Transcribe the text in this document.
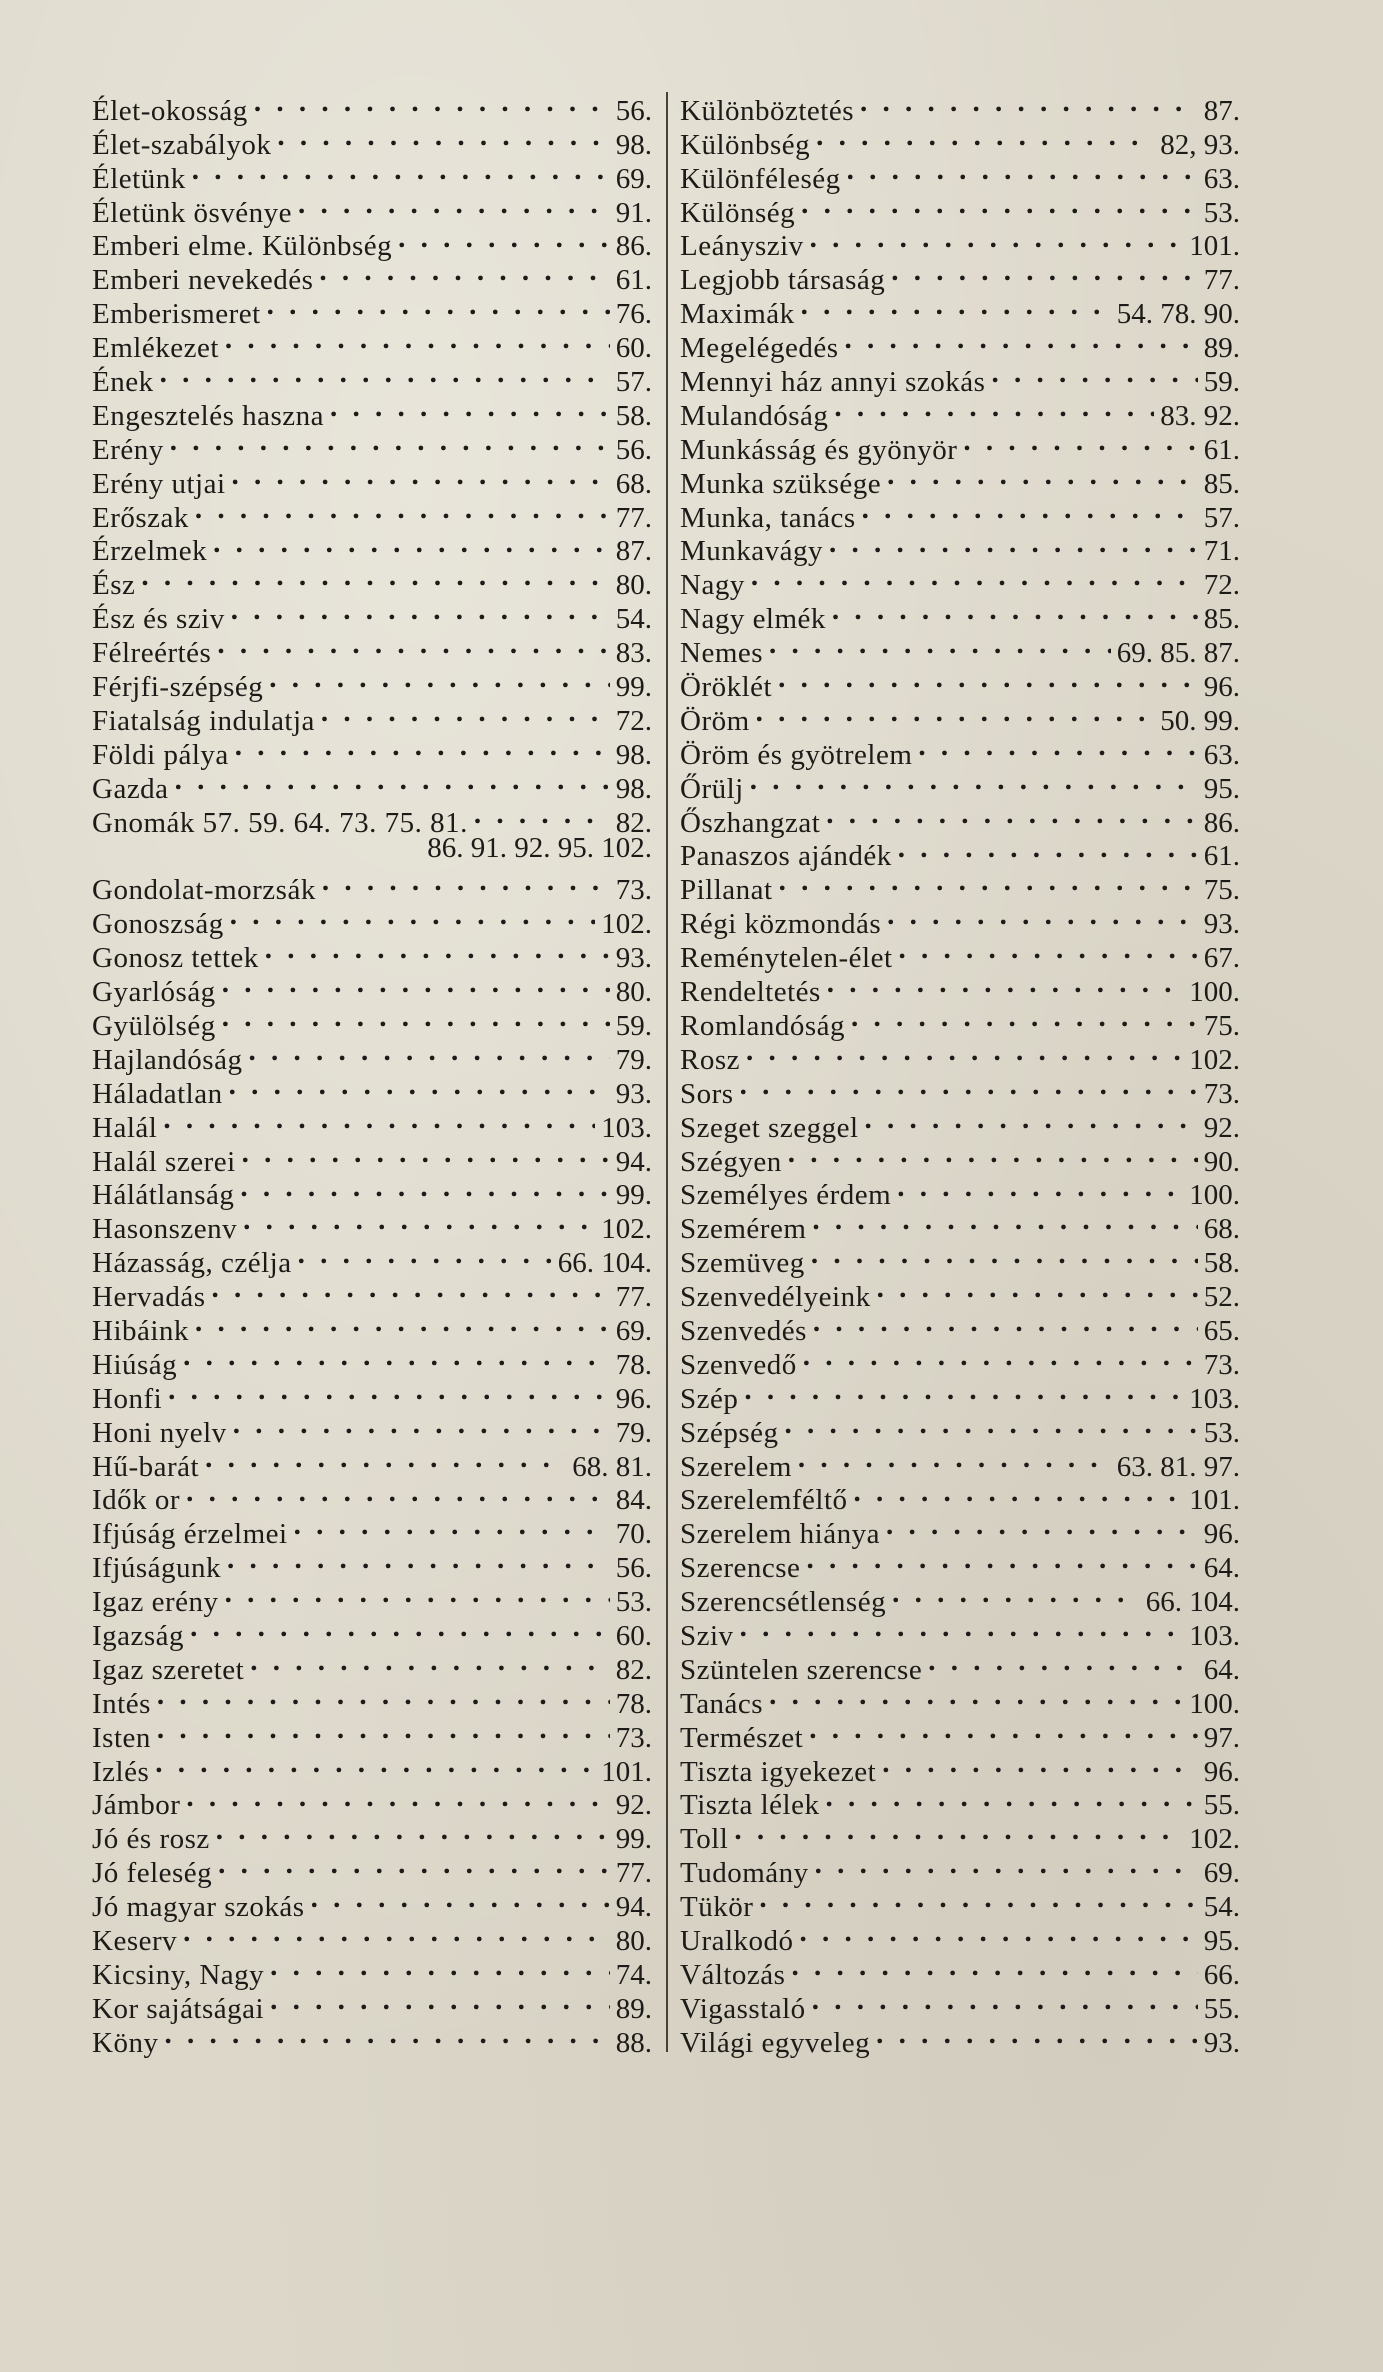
Élet-okosság . . .	56.
Élet-szabályok . . .	98.
Életünk . . .	69.
Életünk ösvénye . . .	91.
Emberi elme. Különbség . . .	86.
Emberi nevekedés . . .	61.
Emberismeret . . .	76.
Emlékezet . . .	60.
Ének . . .	57.
Engesztelés haszna . . .	58.
Erény . . .	56.
Erény utjai . . .	68.
Erőszak . . .	77.
Érzelmek . . .	87.
Ész . . .	80.
Ész és sziv . . .	54.
Félreértés . . .	83.
Férjfi-szépség . . .	99.
Fiatalság indulatja . . .	72.
Földi pálya . . .	98.
Gazda . . .	98.
Gnomák 57. 59. 64. 73. 75. 81. . . .	82.
86. 91. 92. 95. 102.
Gondolat-morzsák . . .	73.
Gonoszság . . .	102.
Gonosz tettek . . .	93.
Gyarlóság . . .	80.
Gyülölség . . .	59.
Hajlandóság . . .	79.
Háladatlan . . .	93.
Halál . . .	103.
Halál szerei . . .	94.
Hálátlanság . . .	99.
Hasonszenv . . .	102.
Házasság, czélja . . .	66. 104.
Hervadás . . .	77.
Hibáink . . .	69.
Hiúság . . .	78.
Honfi . . .	96.
Honi nyelv . . .	79.
Hű-barát . . .	68. 81.
Idők or . . .	84.
Ifjúság érzelmei . . .	70.
Ifjúságunk . . .	56.
Igaz erény . . .	53.
Igazság . . .	60.
Igaz szeretet . . .	82.
Intés . . .	78.
Isten . . .	73.
Izlés . . .	101.
Jámbor . . .	92.
Jó és rosz . . .	99.
Jó feleség . . .	77.
Jó magyar szokás . . .	94.
Keserv . . .	80.
Kicsiny, Nagy . . .	74.
Kor sajátságai . . .	89.
Köny . . .	88.
Különböztetés . . .	87.
Különbség . . .	82, 93.
Különféleség . . .	63.
Különség . . .	53.
Leánysziv . . .	101.
Legjobb társaság . . .	77.
Maximák . . .	54. 78. 90.
Megelégedés . . .	89.
Mennyi ház annyi szokás . . .	59.
Mulandóság . . .	83. 92.
Munkásság és gyönyör . . .	61.
Munka szüksége . . .	85.
Munka, tanács . . .	57.
Munkavágy . . .	71.
Nagy . . .	72.
Nagy elmék . . .	85.
Nemes . . .	69. 85. 87.
Öröklét . . .	96.
Öröm . . .	50. 99.
Öröm és gyötrelem . . .	63.
Őrülj . . .	95.
Őszhangzat . . .	86.
Panaszos ajándék . . .	61.
Pillanat . . .	75.
Régi közmondás . . .	93.
Reménytelen-élet . . .	67.
Rendeltetés . . .	100.
Romlandóság . . .	75.
Rosz . . .	102.
Sors . . .	73.
Szeget szeggel . . .	92.
Szégyen . . .	90.
Személyes érdem . . .	100.
Szemérem . . .	68.
Szemüveg . . .	58.
Szenvedélyeink . . .	52.
Szenvedés . . .	65.
Szenvedő . . .	73.
Szép . . .	103.
Szépség . . .	53.
Szerelem . . .	63. 81. 97.
Szerelemféltő . . .	101.
Szerelem hiánya . . .	96.
Szerencse . . .	64.
Szerencsétlenség . . .	66. 104.
Sziv . . .	103.
Szüntelen szerencse . . .	64.
Tanács . . .	100.
Természet . . .	97.
Tiszta igyekezet . . .	96.
Tiszta lélek . . .	55.
Toll . . .	102.
Tudomány . . .	69.
Tükör . . .	54.
Uralkodó . . .	95.
Változás . . .	66.
Vigasstaló . . .	55.
Világi egyveleg . . .	93.
